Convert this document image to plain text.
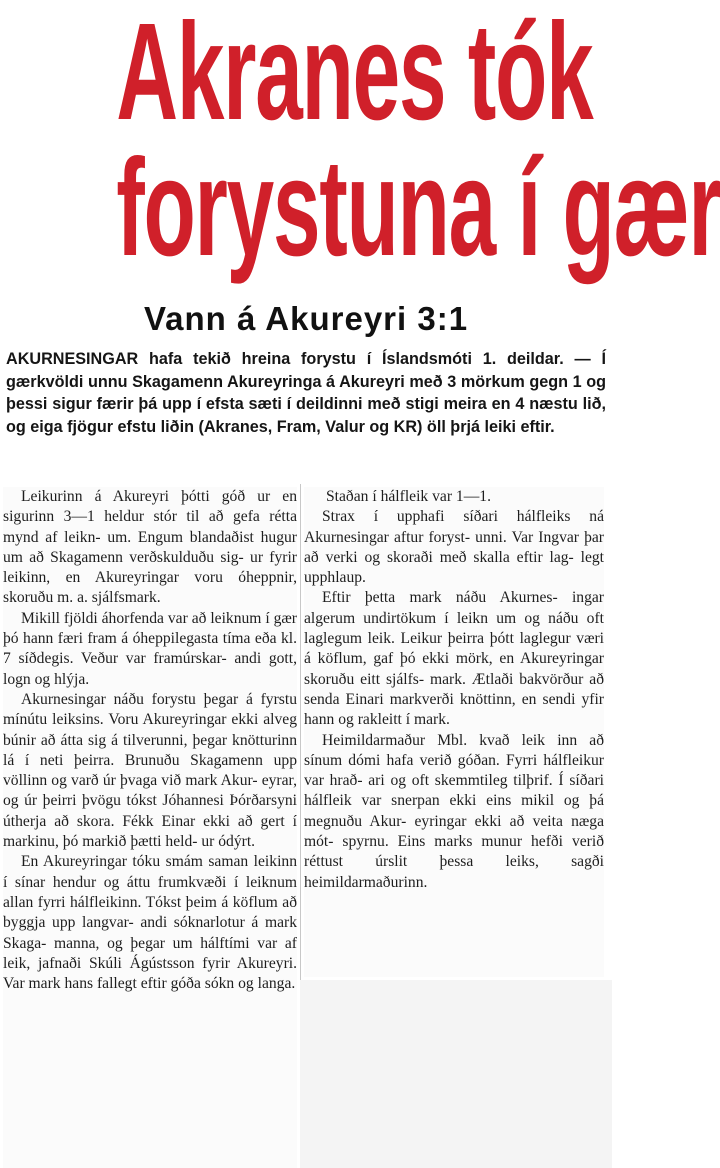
Akranes tók
forystuna í gær
Vann á Akureyri 3:1

AKURNESINGAR hafa tekið hreina forystu í Íslandsmóti 1. deildar. — Í gærkvöldi unnu Skagamenn Akureyringa á Akureyri með 3 mörkum gegn 1 og þessi sigur færir þá upp í efsta sæti í deildinni með stigi meira en 4 næstu lið, og eiga fjögur efstu liðin (Akranes, Fram, Valur og KR) öll þrjá leiki eftir.

Leikurinn á Akureyri þótti góð ur en sigurinn 3—1 heldur stór til að gefa rétta mynd af leikn- um. Engum blandaðist hugur um að Skagamenn verðskulduðu sig- ur fyrir leikinn, en Akureyringar voru óheppnir, skoruðu m. a. sjálfsmark.

Mikill fjöldi áhorfenda var að leiknum í gær þó hann færi fram á óheppilegasta tíma eða kl. 7 síðdegis. Veður var framúrskar- andi gott, logn og hlýja.

Akurnesingar náðu forystu þegar á fyrstu mínútu leiksins. Voru Akureyringar ekki alveg búnir að átta sig á tilverunni, þegar knötturinn lá í neti þeirra. Brunuðu Skagamenn upp völlinn og varð úr þvaga við mark Akur- eyrar, og úr þeirri þvögu tókst Jóhannesi Þórðarsyni útherja að skora. Fékk Einar ekki að gert í markinu, þó markið þætti held- ur ódýrt.

En Akureyringar tóku smám saman leikinn í sínar hendur og áttu frumkvæði í leiknum allan fyrri hálfleikinn. Tókst þeim á köflum að byggja upp langvar- andi sóknarlotur á mark Skaga- manna, og þegar um hálftími var af leik, jafnaði Skúli Ágústsson fyrir Akureyri. Var mark hans fallegt eftir góða sókn og langa.

Staðan í hálfleik var 1—1.

Strax í upphafi síðari hálfleiks ná Akurnesingar aftur foryst- unni. Var Ingvar þar að verki og skoraði með skalla eftir lag- legt upphlaup.

Eftir þetta mark náðu Akurnes- ingar algerum undirtökum í leikn um og náðu oft laglegum leik. Leikur þeirra þótt laglegur væri á köflum, gaf þó ekki mörk, en Akureyringar skoruðu eitt sjálfs- mark. Ætlaði bakvörður að senda Einari markverði knöttinn, en sendi yfir hann og rakleitt í mark.

Heimildarmaður Mbl. kvað leik inn að sínum dómi hafa verið góðan. Fyrri hálfleikur var hrað- ari og oft skemmtileg tilþrif. Í síðari hálfleik var snerpan ekki eins mikil og þá megnuðu Akur- eyringar ekki að veita næga mót- spyrnu. Eins marks munur hefði verið réttust úrslit þessa leiks, sagði heimildarmaðurinn.
